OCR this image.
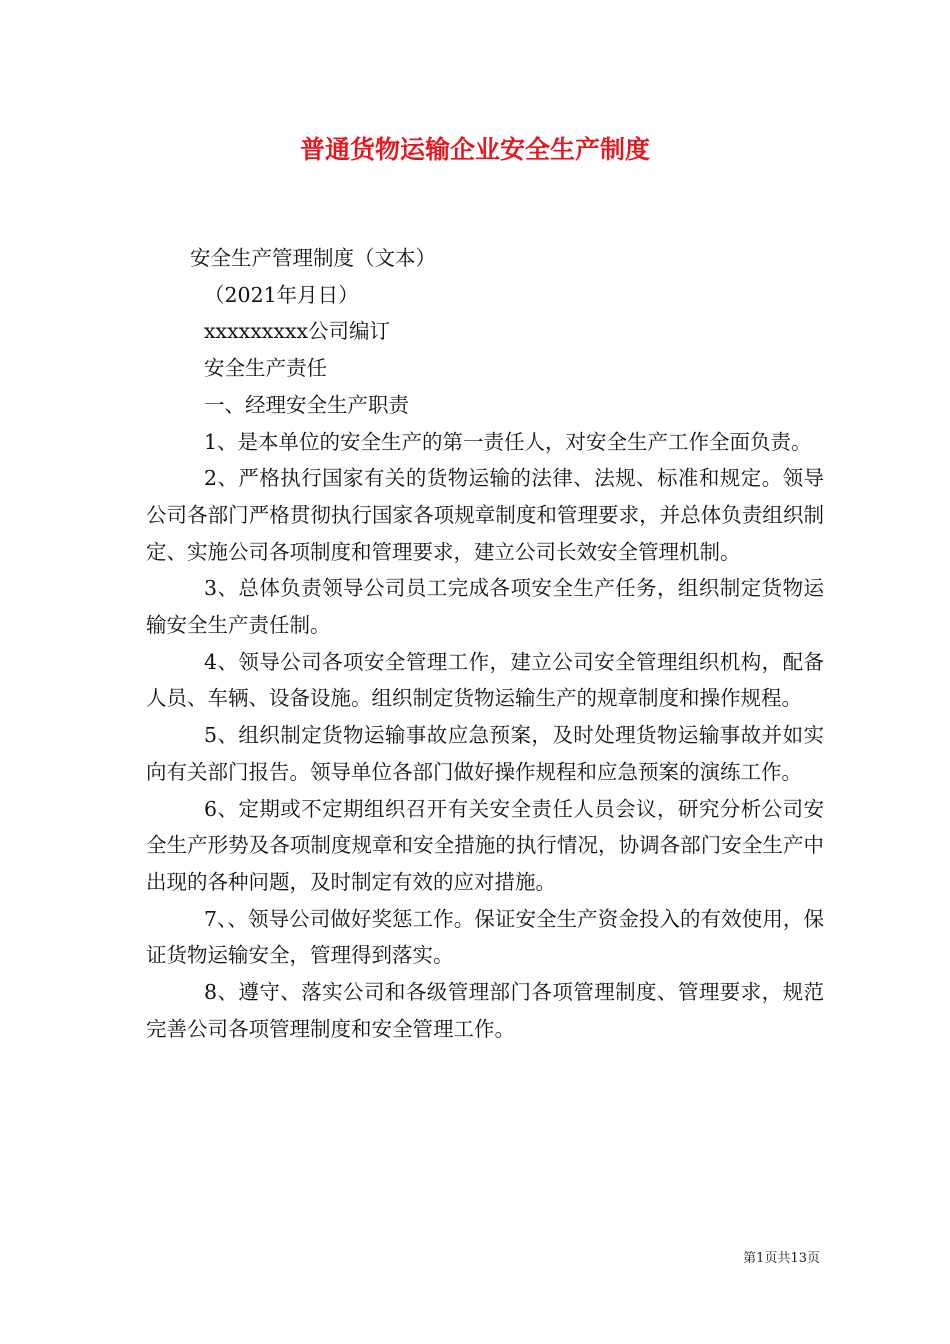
普通货物运输企业安全生产制度

安全生产管理制度（文本）

（2021年月日）

xxxxxxxxx公司编订

安全生产责任

一、经理安全生产职责

1、是本单位的安全生产的第一责任人，对安全生产工作全面负责。

2、严格执行国家有关的货物运输的法律、法规、标准和规定。领导公司各部门严格贯彻执行国家各项规章制度和管理要求，并总体负责组织制定、实施公司各项制度和管理要求，建立公司长效安全管理机制。

3、总体负责领导公司员工完成各项安全生产任务，组织制定货物运输安全生产责任制。

4、领导公司各项安全管理工作，建立公司安全管理组织机构，配备人员、车辆、设备设施。组织制定货物运输生产的规章制度和操作规程。

5、组织制定货物运输事故应急预案，及时处理货物运输事故并如实向有关部门报告。领导单位各部门做好操作规程和应急预案的演练工作。

6、定期或不定期组织召开有关安全责任人员会议，研究分析公司安全生产形势及各项制度规章和安全措施的执行情况，协调各部门安全生产中出现的各种问题，及时制定有效的应对措施。

7、、领导公司做好奖惩工作。保证安全生产资金投入的有效使用，保证货物运输安全，管理得到落实。

8、遵守、落实公司和各级管理部门各项管理制度、管理要求，规范完善公司各项管理制度和安全管理工作。

第1页共13页
